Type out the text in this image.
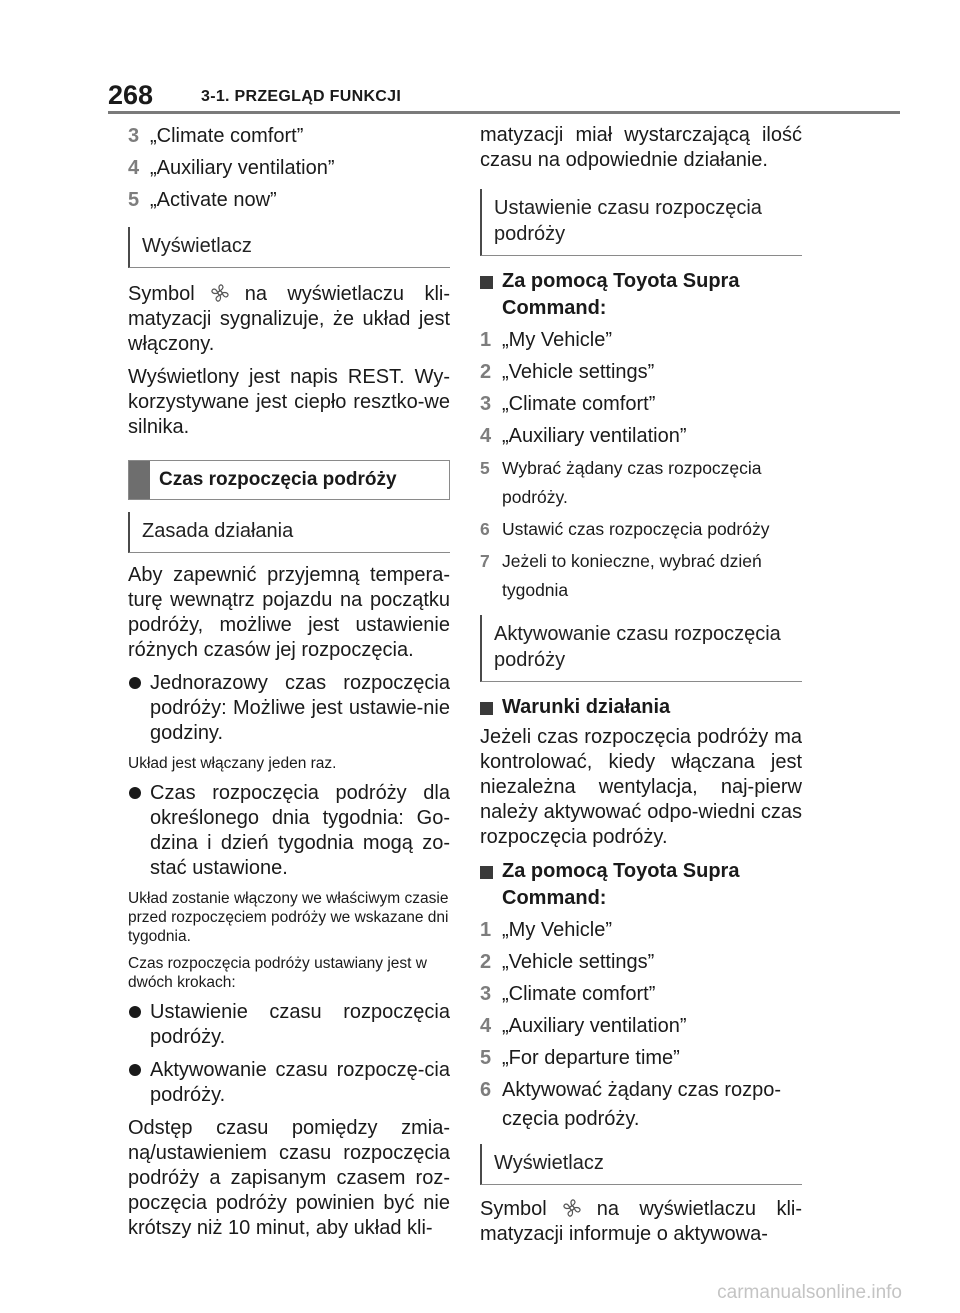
268	3-1. PRZEGLĄD FUNKCJI
3 „Climate comfort”
4 „Auxiliary ventilation”
5 „Activate now”
Wyświetlacz

Symbol	na wyświetlaczu kli-matyzacji sygnalizuje, że układ jest włączony.

Wyświetlony jest napis REST. Wy-korzystywane jest ciepło resztko-we silnika.

Czas rozpoczęcia podróży
Zasada działania

Aby zapewnić przyjemną tempera-turę wewnątrz pojazdu na początku podróży, możliwe jest ustawienie różnych czasów jej rozpoczęcia.

Jednorazowy czas rozpoczęcia podróży: Możliwe jest ustawie-nie godziny.

Układ jest włączany jeden raz.

Czas rozpoczęcia podróży dla określonego dnia tygodnia: Go-dzina i dzień tygodnia mogą zo-stać ustawione.

Układ zostanie włączony we właściwym czasie przed rozpoczęciem podróży we wskazane dni tygodnia.

Czas rozpoczęcia podróży ustawiany jest w dwóch krokach:

Ustawienie czasu rozpoczęcia podróży.
Aktywowanie czasu rozpoczę-cia podróży.

Odstęp czasu pomiędzy zmia-ną/ustawieniem czasu rozpoczęcia podróży a zapisanym czasem roz-poczęcia podróży powinien być nie krótszy niż 10 minut, aby układ kli-

matyzacji miał wystarczającą ilość czasu na odpowiednie działanie.

Ustawienie czasu rozpoczęcia podróży
Za pomocą Toyota Supra Command:
1 „My Vehicle”
2 „Vehicle settings”
3 „Climate comfort”
4 „Auxiliary ventilation”
5 Wybrać żądany czas rozpoczęcia podróży.
6 Ustawić czas rozpoczęcia podróży
7 Jeżeli to konieczne, wybrać dzień tygodnia
Aktywowanie czasu rozpoczęcia podróży
Warunki działania

Jeżeli czas rozpoczęcia podróży ma kontrolować, kiedy włączana jest niezależna wentylacja, naj-pierw należy aktywować odpo-wiedni czas rozpoczęcia podróży.

Za pomocą Toyota Supra Command:
1 „My Vehicle”
2 „Vehicle settings”
3 „Climate comfort”
4 „Auxiliary ventilation”
5 „For departure time”
6 Aktywować żądany czas rozpo-częcia podróży.
Wyświetlacz

Symbol	na wyświetlaczu kli-matyzacji informuje o aktywowa-

carmanualsonline.info
